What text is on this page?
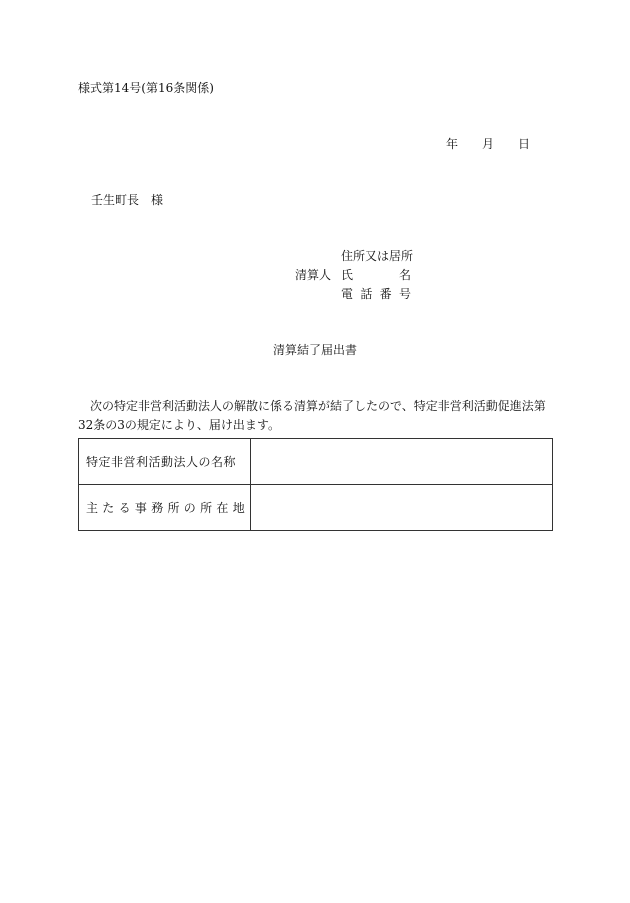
様式第14号(第16条関係)
年 月 日
壬生町長 様
住所又は居所
清算人 氏	名
電 話 番 号
清算結了届出書
次の特定非営利活動法人の解散に係る清算が結了したので、特定非営利活動促進法第32条の3の規定により、届け出ます。
特定非営利活動法人の名称	
主たる事務所の所在地	
